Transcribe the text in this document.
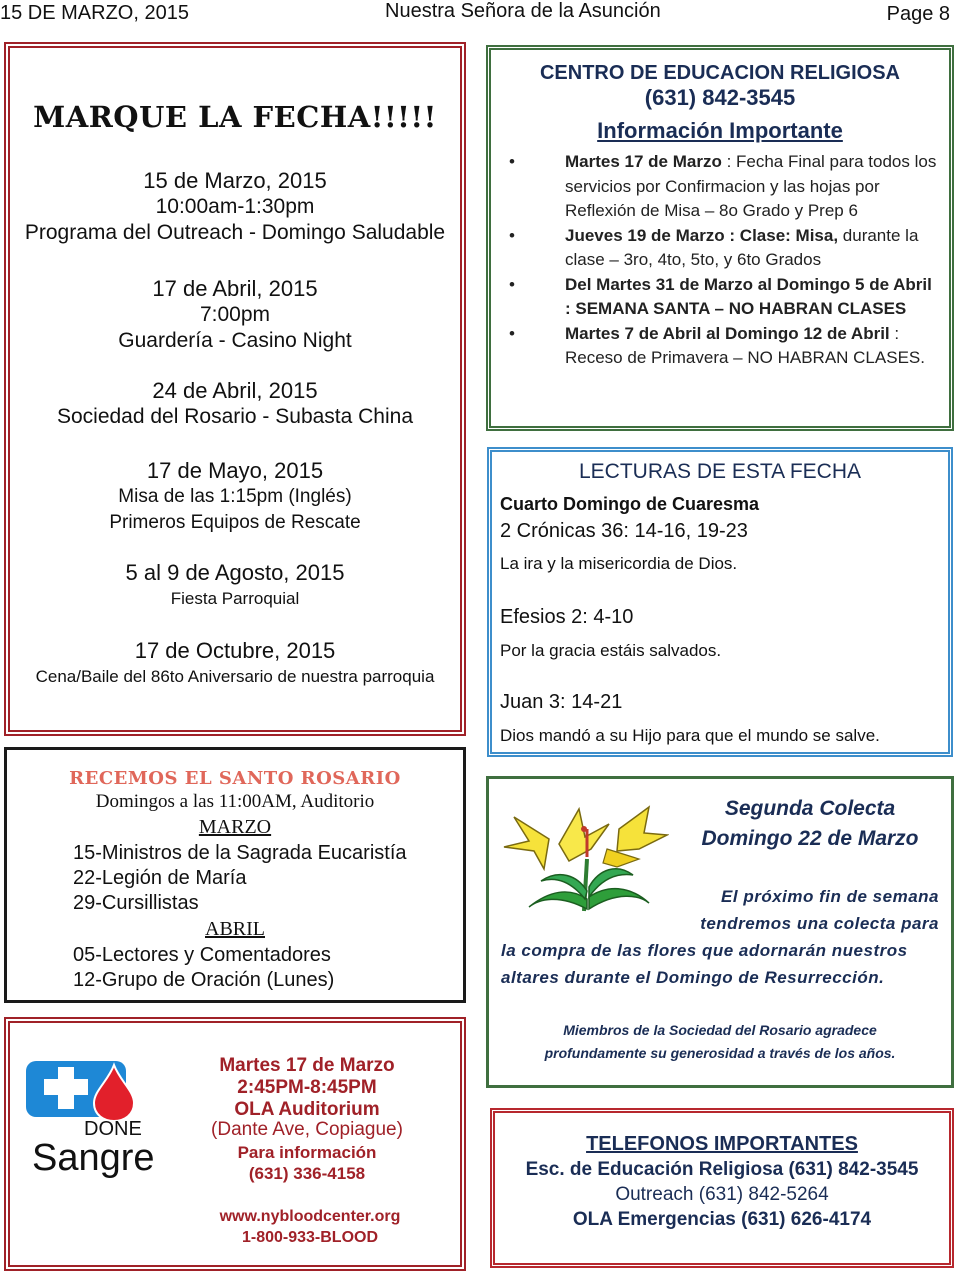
15 DE MARZO, 2015	Nuestra Señora de la Asunción	Page 8
MARQUE LA FECHA!!!!!
15 de Marzo, 2015
10:00am-1:30pm
Programa del Outreach - Domingo Saludable
17 de Abril, 2015
7:00pm
Guardería - Casino Night
24 de Abril, 2015
Sociedad del Rosario - Subasta China
17 de Mayo, 2015
Misa de las 1:15pm (Inglés)
Primeros Equipos de Rescate
5 al 9 de Agosto, 2015
Fiesta Parroquial
17 de Octubre, 2015
Cena/Baile del 86to Aniversario de nuestra parroquia
CENTRO DE EDUCACION RELIGIOSA
(631) 842-3545
Información Importante
•	Martes 17 de Marzo : Fecha Final para todos los servicios por Confirmacion y las hojas por Reflexión de Misa – 8o Grado y Prep 6
•	Jueves 19 de Marzo : Clase: Misa, durante la clase – 3ro, 4to, 5to, y 6to Grados
•	Del Martes 31 de Marzo al Domingo 5 de Abril : SEMANA SANTA – NO HABRAN CLASES
•	Martes 7 de Abril al Domingo 12 de Abril : Receso de Primavera – NO HABRAN CLASES.
LECTURAS DE ESTA FECHA
Cuarto Domingo de Cuaresma
2 Crónicas 36: 14-16, 19-23
La ira y la misericordia de Dios.
Efesios 2: 4-10
Por la gracia estáis salvados.
Juan 3: 14-21
Dios mandó a su Hijo para que el mundo se salve.
RECEMOS EL SANTO ROSARIO
Domingos a las 11:00AM, Auditorio
MARZO
15-Ministros de la Sagrada Eucaristía
22-Legión de María
29-Cursillistas
ABRIL
05-Lectores y Comentadores
12-Grupo de Oración (Lunes)
Segunda Colecta
Domingo 22 de Marzo
El próximo fin de semana
tendremos una colecta para
la compra de las flores que adornarán nuestros
altares durante el Domingo de Resurrección.
Miembros de la Sociedad del Rosario agradece
profundamente su generosidad a través de los años.
DONE
Sangre
Martes 17 de Marzo
2:45PM-8:45PM
OLA Auditorium
(Dante Ave, Copiague)
Para información
(631) 336-4158
www.nybloodcenter.org
1-800-933-BLOOD
TELEFONOS IMPORTANTES
Esc. de Educación Religiosa (631) 842-3545
Outreach (631) 842-5264
OLA Emergencias (631) 626-4174
